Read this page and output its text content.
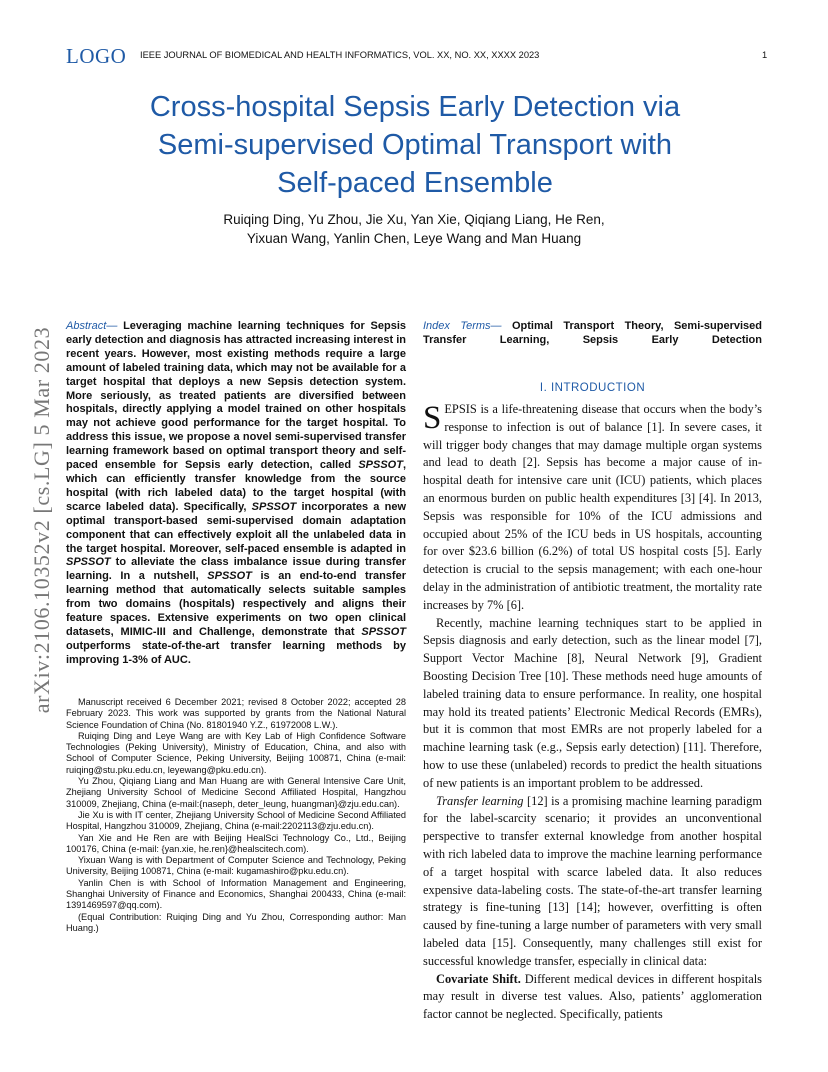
LOGO IEEE JOURNAL OF BIOMEDICAL AND HEALTH INFORMATICS, VOL. XX, NO. XX, XXXX 2023	1
arXiv:2106.10352v2 [cs.LG] 5 Mar 2023
Cross-hospital Sepsis Early Detection via
Semi-supervised Optimal Transport with
Self-paced Ensemble
Ruiqing Ding, Yu Zhou, Jie Xu, Yan Xie, Qiqiang Liang, He Ren,
Yixuan Wang, Yanlin Chen, Leye Wang and Man Huang
Abstract— Leveraging machine learning techniques for Sepsis early detection and diagnosis has attracted increasing interest in recent years. However, most existing methods require a large amount of labeled training data, which may not be available for a target hospital that deploys a new Sepsis detection system. More seriously, as treated patients are diversified between hospitals, directly applying a model trained on other hospitals may not achieve good performance for the target hospital. To address this issue, we propose a novel semi-supervised transfer learning framework based on optimal transport theory and self-paced ensemble for Sepsis early detection, called SPSSOT, which can efficiently transfer knowledge from the source hospital (with rich labeled data) to the target hospital (with scarce labeled data). Specifically, SPSSOT incorporates a new optimal transport-based semi-supervised domain adaptation component that can effectively exploit all the unlabeled data in the target hospital. Moreover, self-paced ensemble is adapted in SPSSOT to alleviate the class imbalance issue during transfer learning. In a nutshell, SPSSOT is an end-to-end transfer learning method that automatically selects suitable samples from two domains (hospitals) respectively and aligns their feature spaces. Extensive experiments on two open clinical datasets, MIMIC-III and Challenge, demonstrate that SPSSOT outperforms state-of-the-art transfer learning methods by improving 1-3% of AUC.

Manuscript received 6 December 2021; revised 8 October 2022; accepted 28 February 2023. This work was supported by grants from the National Natural Science Foundation of China (No. 81801940 Y.Z., 61972008 L.W.).

Ruiqing Ding and Leye Wang are with Key Lab of High Confidence Software Technologies (Peking University), Ministry of Education, China, and also with School of Computer Science, Peking University, Beijing 100871, China (e-mail: ruiqing@stu.pku.edu.cn, leyewang@pku.edu.cn).

Yu Zhou, Qiqiang Liang and Man Huang are with General Intensive Care Unit, Zhejiang University School of Medicine Second Affiliated Hospital, Hangzhou 310009, Zhejiang, China (e-mail:{naseph, deter_leung, huangman}@zju.edu.can).

Jie Xu is with IT center, Zhejiang University School of Medicine Second Affiliated Hospital, Hangzhou 310009, Zhejiang, China (e-mail:2202113@zju.edu.cn).

Yan Xie and He Ren are with Beijing HealSci Technology Co., Ltd., Beijing 100176, China (e-mail: {yan.xie, he.ren}@healscitech.com).

Yixuan Wang is with Department of Computer Science and Technology, Peking University, Beijing 100871, China (e-mail: kugamashiro@pku.edu.cn).

Yanlin Chen is with School of Information Management and Engineering, Shanghai University of Finance and Economics, Shanghai 200433, China (e-mail: 1391469597@qq.com).

(Equal Contribution: Ruiqing Ding and Yu Zhou, Corresponding author: Man Huang.)

Index Terms— Optimal Transport Theory, Semi-supervised Transfer Learning, Sepsis Early Detection
I. INTRODUCTION

SEPSIS is a life-threatening disease that occurs when the body’s response to infection is out of balance [1]. In severe cases, it will trigger body changes that may damage multiple organ systems and lead to death [2]. Sepsis has become a major cause of in-hospital death for intensive care unit (ICU) patients, which places an enormous burden on public health expenditures [3] [4]. In 2013, Sepsis was responsible for 10% of the ICU admissions and occupied about 25% of the ICU beds in US hospitals, accounting for over $23.6 billion (6.2%) of total US hospital costs [5]. Early detection is crucial to the sepsis management; with each one-hour delay in the administration of antibiotic treatment, the mortality rate increases by 7% [6].

Recently, machine learning techniques start to be applied in Sepsis diagnosis and early detection, such as the linear model [7], Support Vector Machine [8], Neural Network [9], Gradient Boosting Decision Tree [10]. These methods need huge amounts of labeled training data to ensure performance. In reality, one hospital may hold its treated patients’ Electronic Medical Records (EMRs), but it is common that most EMRs are not properly labeled for a machine learning task (e.g., Sepsis early detection) [11]. Therefore, how to use these (unlabeled) records to predict the health situations of new patients is an important problem to be addressed.

Transfer learning [12] is a promising machine learning paradigm for the label-scarcity scenario; it provides an unconventional perspective to transfer external knowledge from another hospital with rich labeled data to improve the machine learning performance of a target hospital with scarce labeled data. It also reduces expensive data-labeling costs. The state-of-the-art transfer learning strategy is fine-tuning [13] [14]; however, overfitting is often caused by fine-tuning a large number of parameters with very small labeled data [15]. Consequently, many challenges still exist for successful knowledge transfer, especially in clinical data:

Covariate Shift. Different medical devices in different hospitals may result in diverse test values. Also, patients’ agglomeration factor cannot be neglected. Specifically, patients
